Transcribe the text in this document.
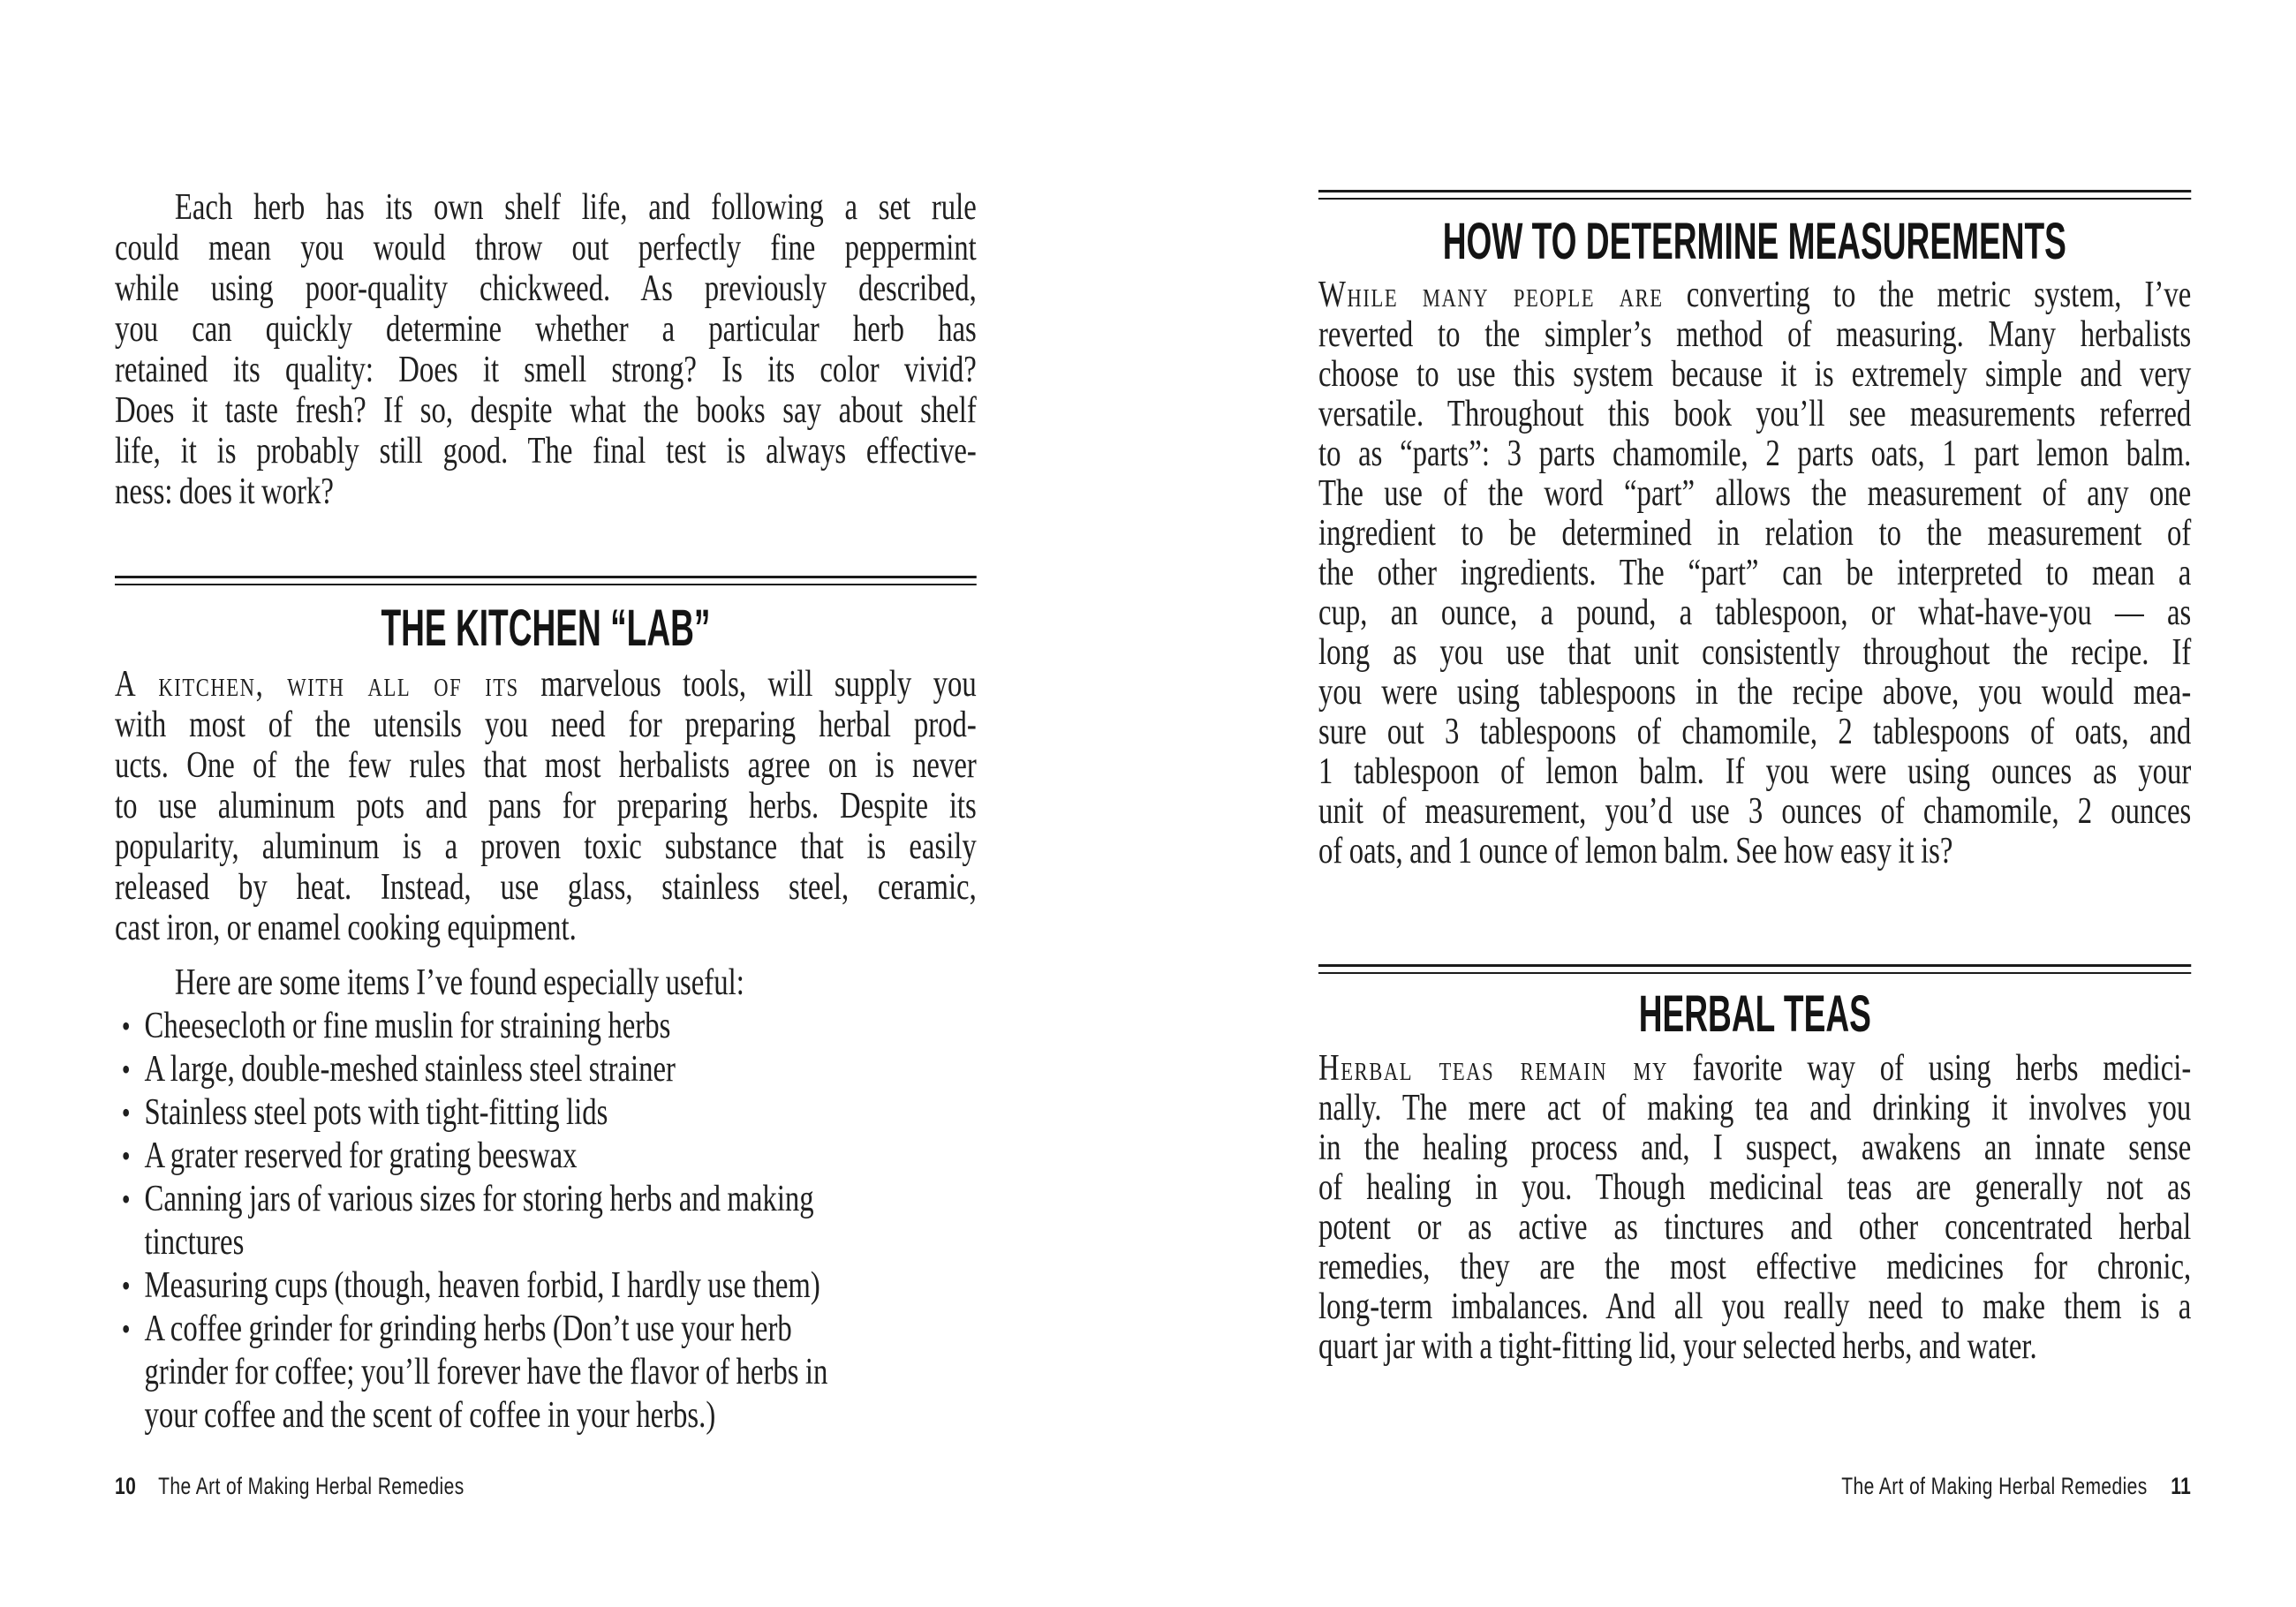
Each herb has its own shelf life, and following a set rule
could mean you would throw out perfectly fine peppermint
while using poor-quality chickweed. As previously described,
you can quickly determine whether a particular herb has
retained its quality: Does it smell strong? Is its color vivid?
Does it taste fresh? If so, despite what the books say about shelf
life, it is probably still good. The final test is always effective-
ness: does it work?
THE KITCHEN “LAB”
A kitchen, with all of its marvelous tools, will supply you
with most of the utensils you need for preparing herbal prod-
ucts. One of the few rules that most herbalists agree on is never
to use aluminum pots and pans for preparing herbs. Despite its
popularity, aluminum is a proven toxic substance that is easily
released by heat. Instead, use glass, stainless steel, ceramic,
cast iron, or enamel cooking equipment.
Here are some items I’ve found especially useful:
• Cheesecloth or fine muslin for straining herbs
• A large, double-meshed stainless steel strainer
• Stainless steel pots with tight-fitting lids
• A grater reserved for grating beeswax
• Canning jars of various sizes for storing herbs and making
tinctures
• Measuring cups (though, heaven forbid, I hardly use them)
• A coffee grinder for grinding herbs (Don’t use your herb
grinder for coffee; you’ll forever have the flavor of herbs in
your coffee and the scent of coffee in your herbs.)
10 The Art of Making Herbal Remedies
HOW TO DETERMINE MEASUREMENTS
While many people are converting to the metric system, I’ve
reverted to the simpler’s method of measuring. Many herbalists
choose to use this system because it is extremely simple and very
versatile. Throughout this book you’ll see measurements referred
to as “parts”: 3 parts chamomile, 2 parts oats, 1 part lemon balm.
The use of the word “part” allows the measurement of any one
ingredient to be determined in relation to the measurement of
the other ingredients. The “part” can be interpreted to mean a
cup, an ounce, a pound, a tablespoon, or what-have-you — as
long as you use that unit consistently throughout the recipe. If
you were using tablespoons in the recipe above, you would mea-
sure out 3 tablespoons of chamomile, 2 tablespoons of oats, and
1 tablespoon of lemon balm. If you were using ounces as your
unit of measurement, you’d use 3 ounces of chamomile, 2 ounces
of oats, and 1 ounce of lemon balm. See how easy it is?
HERBAL TEAS
Herbal teas remain my favorite way of using herbs medici-
nally. The mere act of making tea and drinking it involves you
in the healing process and, I suspect, awakens an innate sense
of healing in you. Though medicinal teas are generally not as
potent or as active as tinctures and other concentrated herbal
remedies, they are the most effective medicines for chronic,
long-term imbalances. And all you really need to make them is a
quart jar with a tight-fitting lid, your selected herbs, and water.
The Art of Making Herbal Remedies 11
